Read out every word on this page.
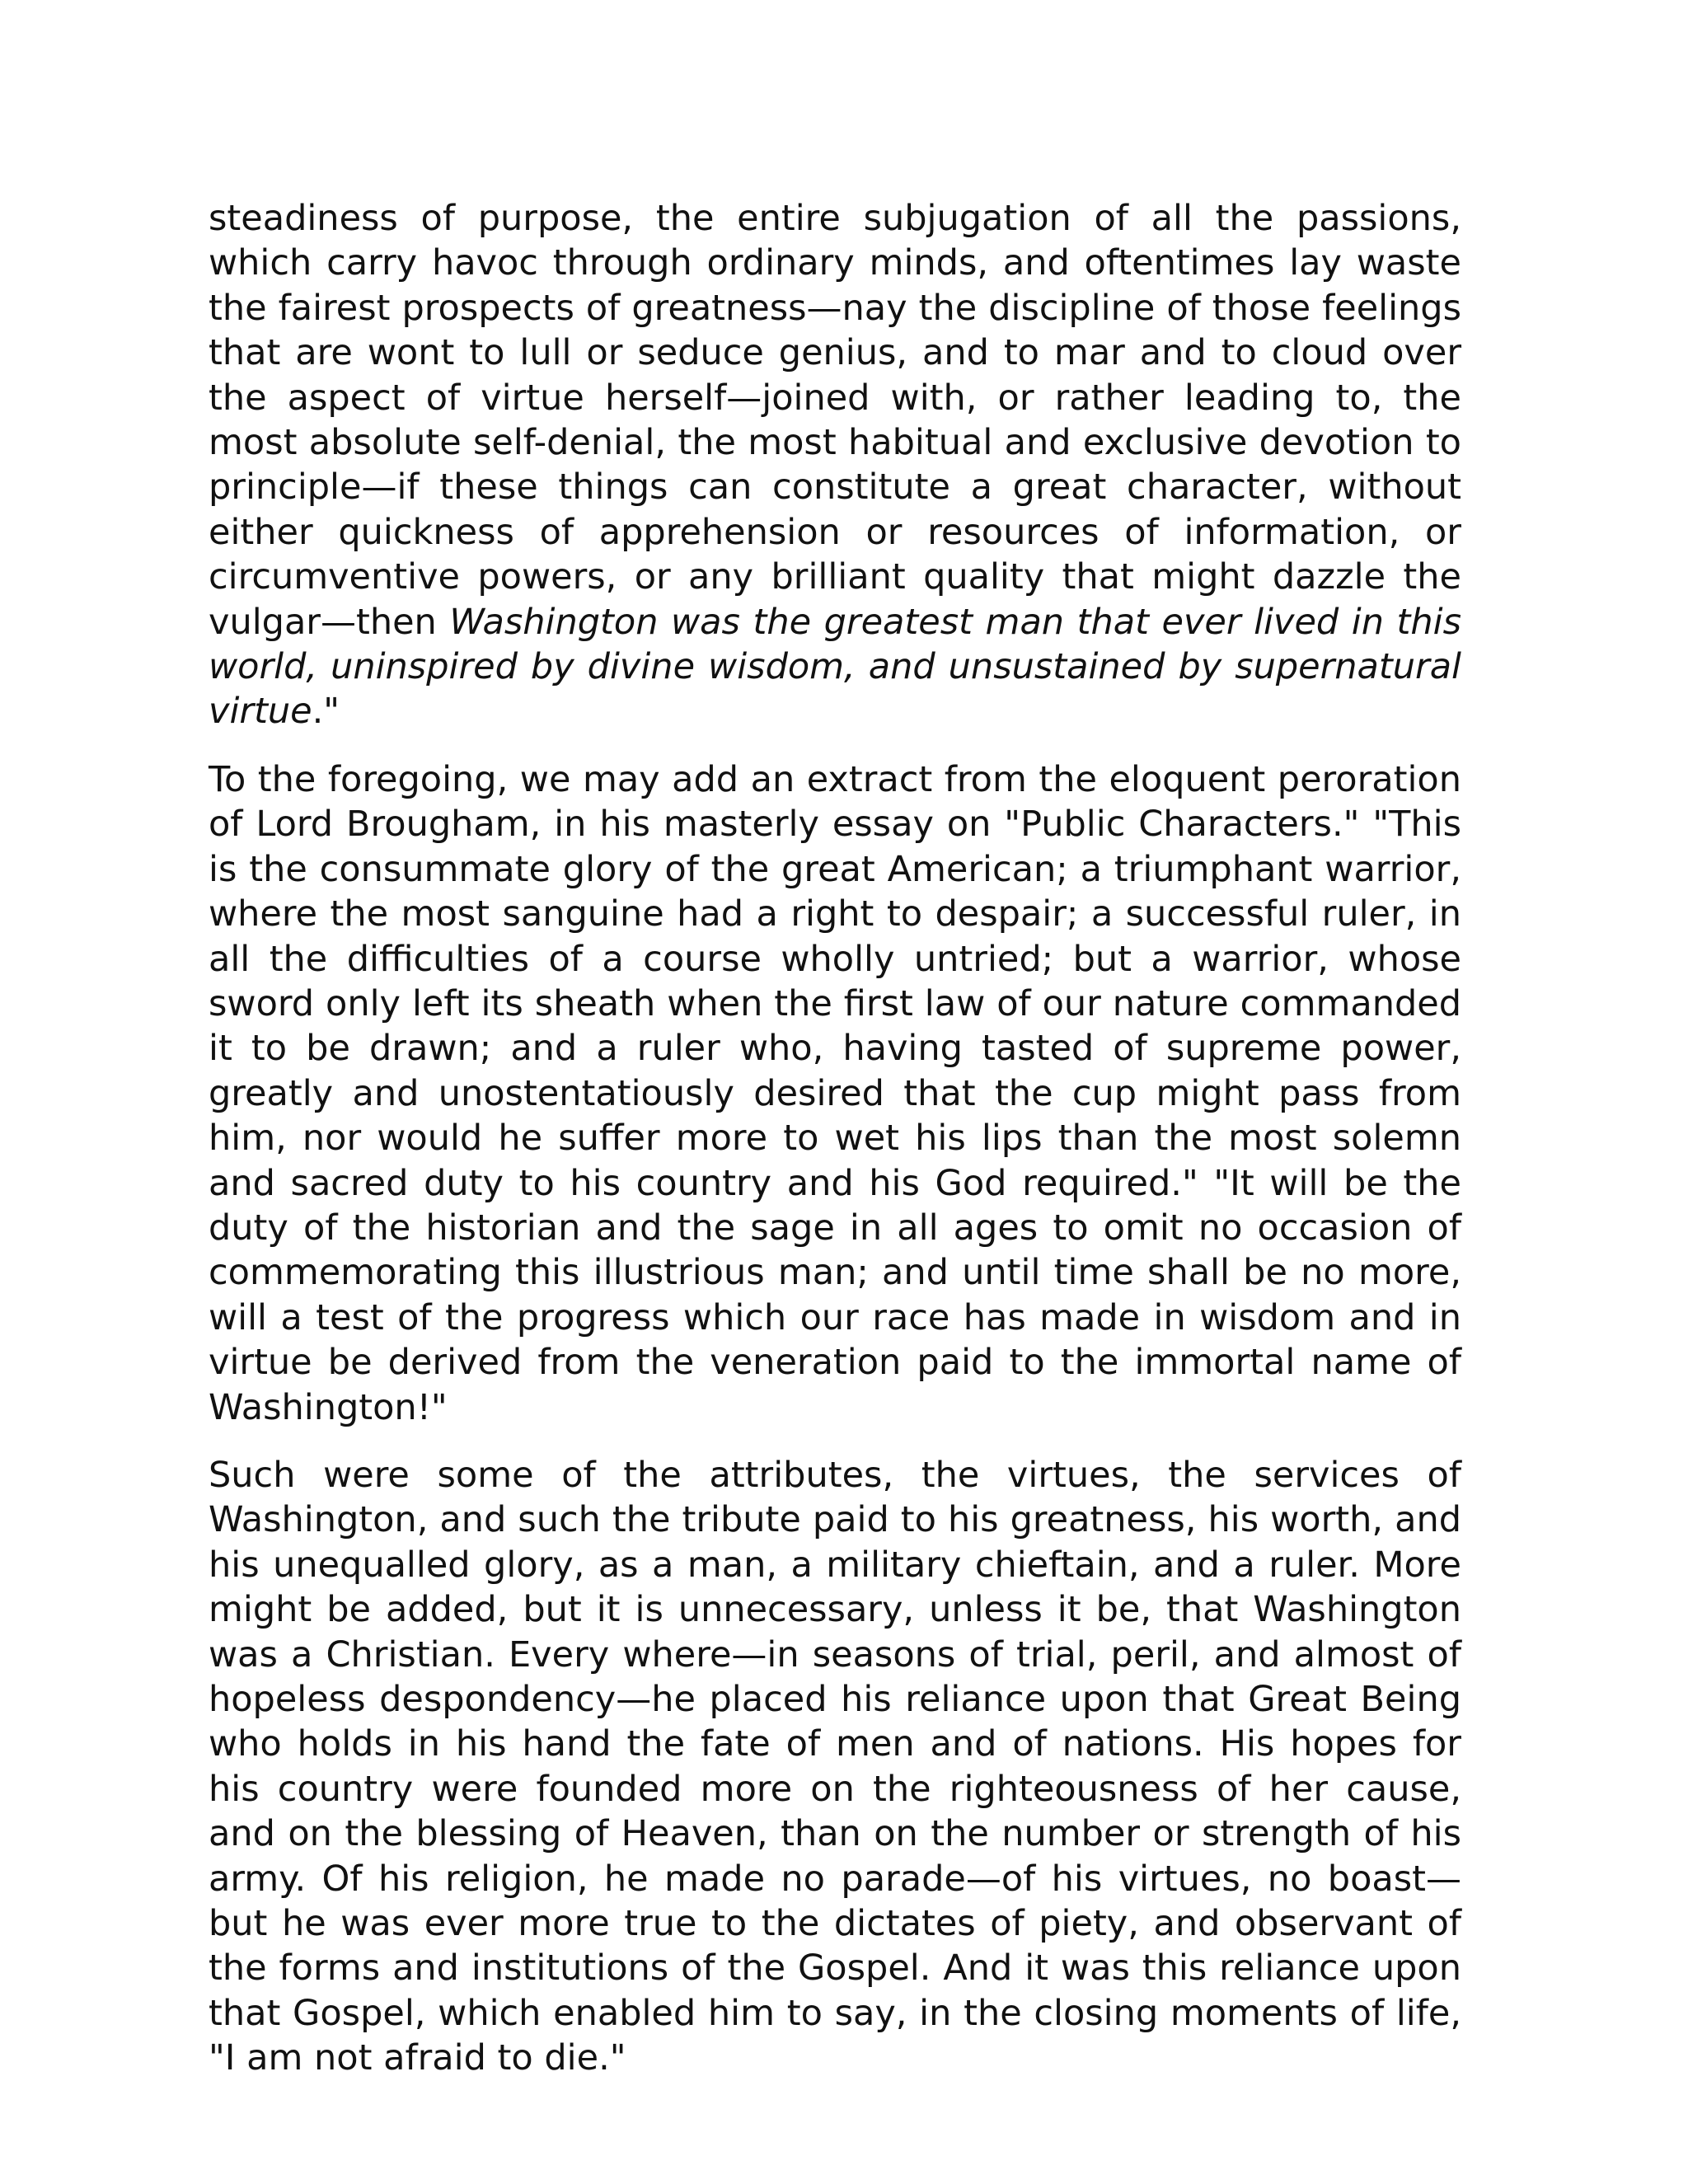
steadiness of purpose, the entire subjugation of all the passions, which carry havoc through ordinary minds, and oftentimes lay waste the fairest prospects of greatness—nay the discipline of those feelings that are wont to lull or seduce genius, and to mar and to cloud over the aspect of virtue herself—joined with, or rather leading to, the most absolute self-denial, the most habitual and exclusive devotion to principle—if these things can constitute a great character, without either quickness of apprehension or resources of information, or circumventive powers, or any brilliant quality that might dazzle the vulgar—then Washington was the greatest man that ever lived in this world, uninspired by divine wisdom, and unsustained by supernatural virtue."

To the foregoing, we may add an extract from the eloquent peroration of Lord Brougham, in his masterly essay on "Public Characters." "This is the consummate glory of the great American; a triumphant warrior, where the most sanguine had a right to despair; a successful ruler, in all the difficulties of a course wholly untried; but a warrior, whose sword only left its sheath when the first law of our nature commanded it to be drawn; and a ruler who, having tasted of supreme power, greatly and unostentatiously desired that the cup might pass from him, nor would he suffer more to wet his lips than the most solemn and sacred duty to his country and his God required." "It will be the duty of the historian and the sage in all ages to omit no occasion of commemorating this illustrious man; and until time shall be no more, will a test of the progress which our race has made in wisdom and in virtue be derived from the veneration paid to the immortal name of Washington!"

Such were some of the attributes, the virtues, the services of Washington, and such the tribute paid to his greatness, his worth, and his unequalled glory, as a man, a military chieftain, and a ruler. More might be added, but it is unnecessary, unless it be, that Washington was a Christian. Every where—in seasons of trial, peril, and almost of hopeless despondency—he placed his reliance upon that Great Being who holds in his hand the fate of men and of nations. His hopes for his country were founded more on the righteousness of her cause, and on the blessing of Heaven, than on the number or strength of his army. Of his religion, he made no parade—of his virtues, no boast—but he was ever more true to the dictates of piety, and observant of the forms and institutions of the Gospel. And it was this reliance upon that Gospel, which enabled him to say, in the closing moments of life, "I am not afraid to die."
